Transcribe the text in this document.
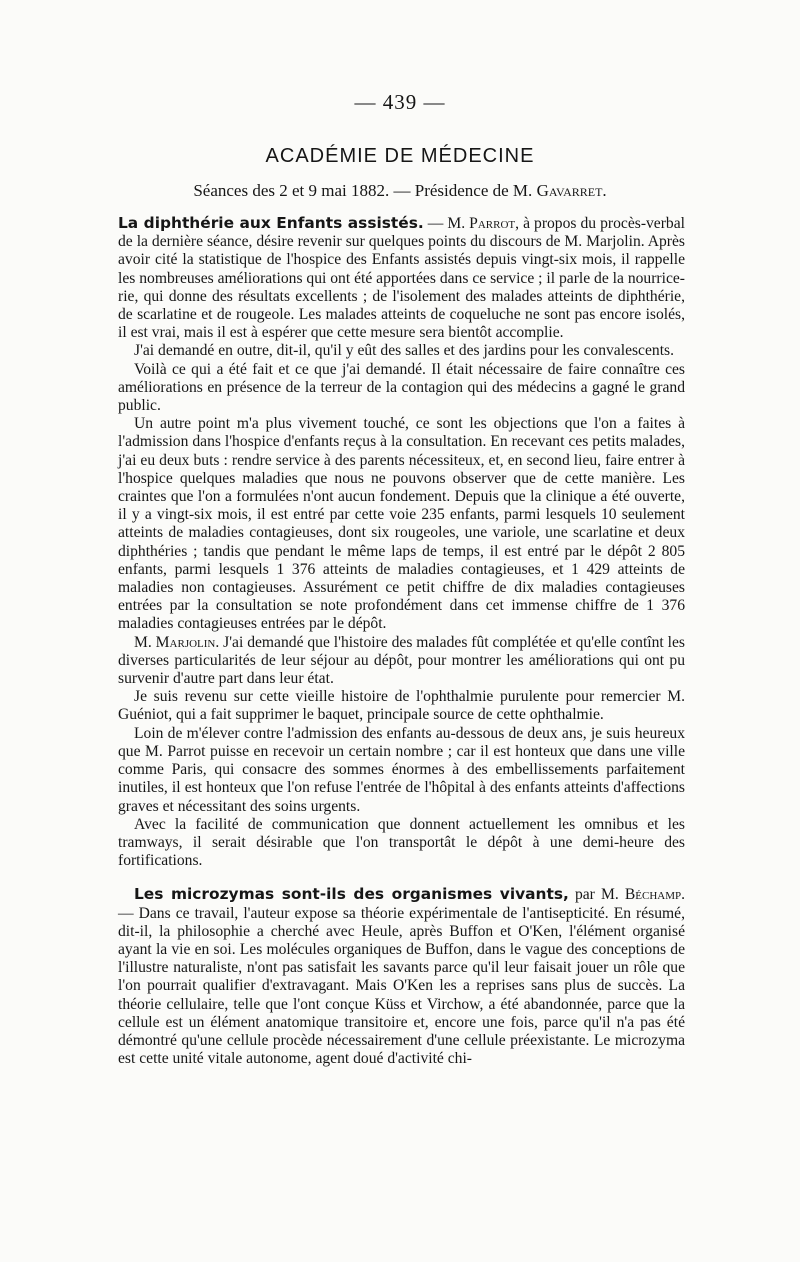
— 439 —
ACADÉMIE DE MÉDECINE
Séances des 2 et 9 mai 1882. — Présidence de M. Gavarret.

La diphthérie aux Enfants assistés. — M. Parrot, à propos du procès-verbal de la dernière séance, désire revenir sur quelques points du discours de M. Marjolin. Après avoir cité la statistique de l'hospice des Enfants assistés depuis vingt-six mois, il rappelle les nombreuses améliorations qui ont été apportées dans ce service ; il parle de la nourricerie, qui donne des résultats excellents ; de l'isolement des malades atteints de diphthérie, de scarlatine et de rougeole. Les malades atteints de coqueluche ne sont pas encore isolés, il est vrai, mais il est à espérer que cette mesure sera bientôt accomplie.

J'ai demandé en outre, dit-il, qu'il y eût des salles et des jardins pour les convalescents.

Voilà ce qui a été fait et ce que j'ai demandé. Il était nécessaire de faire connaître ces améliorations en présence de la terreur de la contagion qui des médecins a gagné le grand public.

Un autre point m'a plus vivement touché, ce sont les objections que l'on a faites à l'admission dans l'hospice d'enfants reçus à la consultation. En recevant ces petits malades, j'ai eu deux buts : rendre service à des parents nécessiteux, et, en second lieu, faire entrer à l'hospice quelques maladies que nous ne pouvons observer que de cette manière. Les craintes que l'on a formulées n'ont aucun fondement. Depuis que la clinique a été ouverte, il y a vingt-six mois, il est entré par cette voie 235 enfants, parmi lesquels 10 seulement atteints de maladies contagieuses, dont six rougeoles, une variole, une scarlatine et deux diphthéries ; tandis que pendant le même laps de temps, il est entré par le dépôt 2 805 enfants, parmi lesquels 1 376 atteints de maladies contagieuses, et 1 429 atteints de maladies non contagieuses. Assurément ce petit chiffre de dix maladies contagieuses entrées par la consultation se note profondément dans cet immense chiffre de 1 376 maladies contagieuses entrées par le dépôt.

M. Marjolin. J'ai demandé que l'histoire des malades fût complétée et qu'elle contînt les diverses particularités de leur séjour au dépôt, pour montrer les améliorations qui ont pu survenir d'autre part dans leur état.

Je suis revenu sur cette vieille histoire de l'ophthalmie purulente pour remercier M. Guéniot, qui a fait supprimer le baquet, principale source de cette ophthalmie.

Loin de m'élever contre l'admission des enfants au-dessous de deux ans, je suis heureux que M. Parrot puisse en recevoir un certain nombre ; car il est honteux que dans une ville comme Paris, qui consacre des sommes énormes à des embellissements parfaitement inutiles, il est honteux que l'on refuse l'entrée de l'hôpital à des enfants atteints d'affections graves et nécessitant des soins urgents.

Avec la facilité de communication que donnent actuellement les omnibus et les tramways, il serait désirable que l'on transportât le dépôt à une demi-heure des fortifications.

Les microzymas sont-ils des organismes vivants, par M. Béchamp. — Dans ce travail, l'auteur expose sa théorie expérimentale de l'antisepticité. En résumé, dit-il, la philosophie a cherché avec Heule, après Buffon et O'Ken, l'élément organisé ayant la vie en soi. Les molécules organiques de Buffon, dans le vague des conceptions de l'illustre naturaliste, n'ont pas satisfait les savants parce qu'il leur faisait jouer un rôle que l'on pourrait qualifier d'extravagant. Mais O'Ken les a reprises sans plus de succès. La théorie cellulaire, telle que l'ont conçue Küss et Virchow, a été abandonnée, parce que la cellule est un élément anatomique transitoire et, encore une fois, parce qu'il n'a pas été démontré qu'une cellule procède nécessairement d'une cellule préexistante. Le microzyma est cette unité vitale autonome, agent doué d'activité chi-
